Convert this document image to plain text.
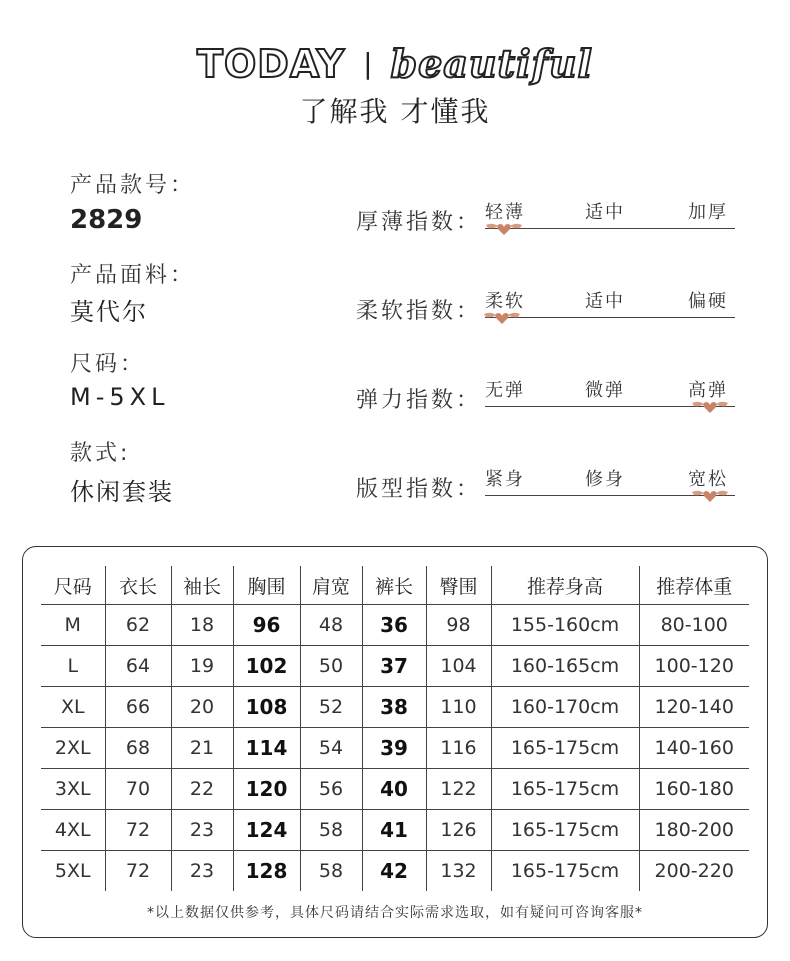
TODAY | beautiful
了解我 才懂我
产品款号：
2829
产品面料：
莫代尔
尺码：
M-5XL
款式:
休闲套装
厚薄指数： 轻薄	适中	加厚
柔软指数： 柔软	适中	偏硬
弹力指数： 无弹	微弹	高弹
版型指数： 紧身	修身	宽松
尺码	衣长	袖长	胸围	肩宽	裤长	臀围	推荐身高	推荐体重
M	62	18	96	48	36	98	155-160cm	80-100
L	64	19	102	50	37	104	160-165cm	100-120
XL	66	20	108	52	38	110	160-170cm	120-140
2XL	68	21	114	54	39	116	165-175cm	140-160
3XL	70	22	120	56	40	122	165-175cm	160-180
4XL	72	23	124	58	41	126	165-175cm	180-200
5XL	72	23	128	58	42	132	165-175cm	200-220
*以上数据仅供参考，具体尺码请结合实际需求选取，如有疑问可咨询客服*
